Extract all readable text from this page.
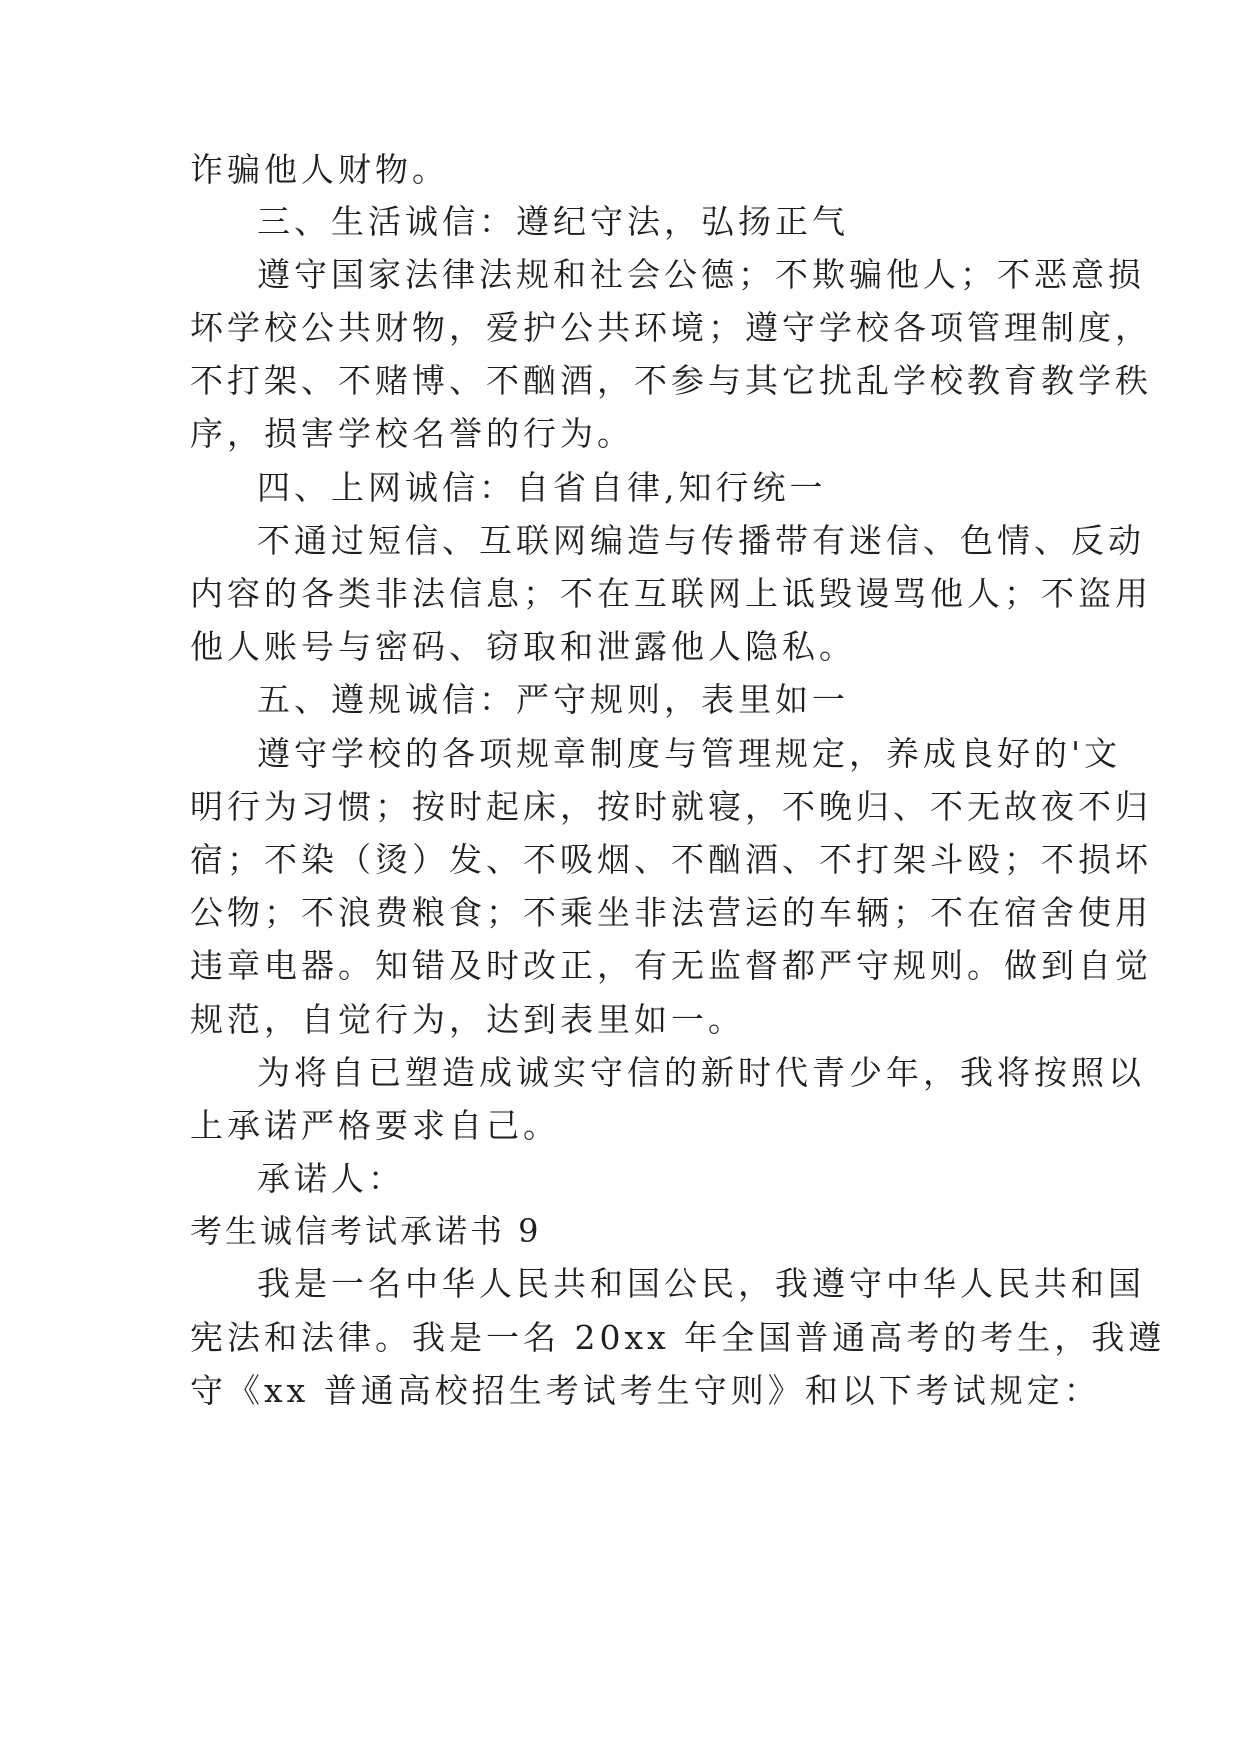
诈骗他人财物。
三、生活诚信：遵纪守法，弘扬正气
遵守国家法律法规和社会公德；不欺骗他人；不恶意损
坏学校公共财物，爱护公共环境；遵守学校各项管理制度，
不打架、不赌博、不酗酒，不参与其它扰乱学校教育教学秩
序，损害学校名誉的行为。
四、上网诚信：自省自律,知行统一
不通过短信、互联网编造与传播带有迷信、色情、反动
内容的各类非法信息；不在互联网上诋毁谩骂他人；不盗用
他人账号与密码、窃取和泄露他人隐私。
五、遵规诚信：严守规则，表里如一
遵守学校的各项规章制度与管理规定，养成良好的'文
明行为习惯；按时起床，按时就寝，不晚归、不无故夜不归
宿；不染（烫）发、不吸烟、不酗酒、不打架斗殴；不损坏
公物；不浪费粮食；不乘坐非法营运的车辆；不在宿舍使用
违章电器。知错及时改正，有无监督都严守规则。做到自觉
规范，自觉行为，达到表里如一。
为将自已塑造成诚实守信的新时代青少年，我将按照以
上承诺严格要求自己。
承诺人：
考生诚信考试承诺书 9
我是一名中华人民共和国公民，我遵守中华人民共和国
宪法和法律。我是一名 20xx 年全国普通高考的考生，我遵
守《xx 普通高校招生考试考生守则》和以下考试规定：
